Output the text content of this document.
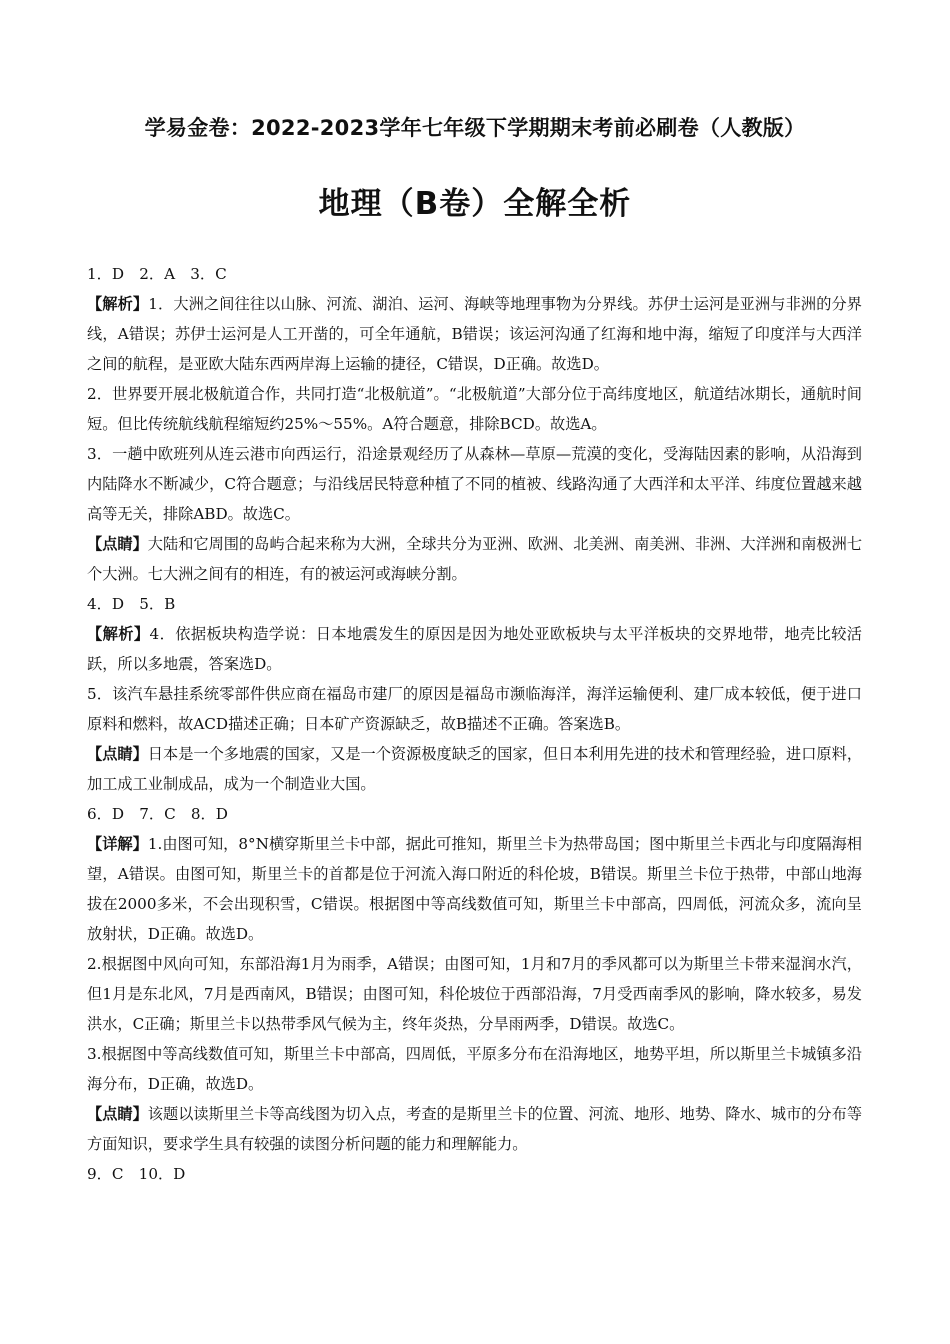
学易金卷：2022-2023学年七年级下学期期末考前必刷卷（人教版）
地理（B卷）全解全析

1．D　2．A　3．C

【解析】1．大洲之间往往以山脉、河流、湖泊、运河、海峡等地理事物为分界线。苏伊士运河是亚洲与非洲的分界线，A错误；苏伊士运河是人工开凿的，可全年通航，B错误；该运河沟通了红海和地中海，缩短了印度洋与大西洋之间的航程，是亚欧大陆东西两岸海上运输的捷径，C错误，D正确。故选D。

2．世界要开展北极航道合作，共同打造“北极航道”。“北极航道”大部分位于高纬度地区，航道结冰期长，通航时间短。但比传统航线航程缩短约25%～55%。A符合题意，排除BCD。故选A。

3．一趟中欧班列从连云港市向西运行，沿途景观经历了从森林—草原—荒漠的变化，受海陆因素的影响，从沿海到内陆降水不断减少，C符合题意；与沿线居民特意种植了不同的植被、线路沟通了大西洋和太平洋、纬度位置越来越高等无关，排除ABD。故选C。

【点睛】大陆和它周围的岛屿合起来称为大洲，全球共分为亚洲、欧洲、北美洲、南美洲、非洲、大洋洲和南极洲七个大洲。七大洲之间有的相连，有的被运河或海峡分割。

4．D　5．B

【解析】4．依据板块构造学说：日本地震发生的原因是因为地处亚欧板块与太平洋板块的交界地带，地壳比较活跃，所以多地震，答案选D。

5．该汽车悬挂系统零部件供应商在福岛市建厂的原因是福岛市濒临海洋，海洋运输便利、建厂成本较低，便于进口原料和燃料，故ACD描述正确；日本矿产资源缺乏，故B描述不正确。答案选B。

【点睛】日本是一个多地震的国家，又是一个资源极度缺乏的国家，但日本利用先进的技术和管理经验，进口原料，加工成工业制成品，成为一个制造业大国。

6．D　7．C　8．D

【详解】1.由图可知，8°N横穿斯里兰卡中部，据此可推知，斯里兰卡为热带岛国；图中斯里兰卡西北与印度隔海相望，A错误。由图可知，斯里兰卡的首都是位于河流入海口附近的科伦坡，B错误。斯里兰卡位于热带，中部山地海拔在2000多米，不会出现积雪，C错误。根据图中等高线数值可知，斯里兰卡中部高，四周低，河流众多，流向呈放射状，D正确。故选D。

2.根据图中风向可知，东部沿海1月为雨季，A错误；由图可知，1月和7月的季风都可以为斯里兰卡带来湿润水汽，但1月是东北风，7月是西南风，B错误；由图可知，科伦坡位于西部沿海，7月受西南季风的影响，降水较多，易发洪水，C正确；斯里兰卡以热带季风气候为主，终年炎热，分旱雨两季，D错误。故选C。

3.根据图中等高线数值可知，斯里兰卡中部高，四周低，平原多分布在沿海地区，地势平坦，所以斯里兰卡城镇多沿海分布，D正确，故选D。

【点睛】该题以读斯里兰卡等高线图为切入点，考查的是斯里兰卡的位置、河流、地形、地势、降水、城市的分布等方面知识，要求学生具有较强的读图分析问题的能力和理解能力。

9．C　10．D
